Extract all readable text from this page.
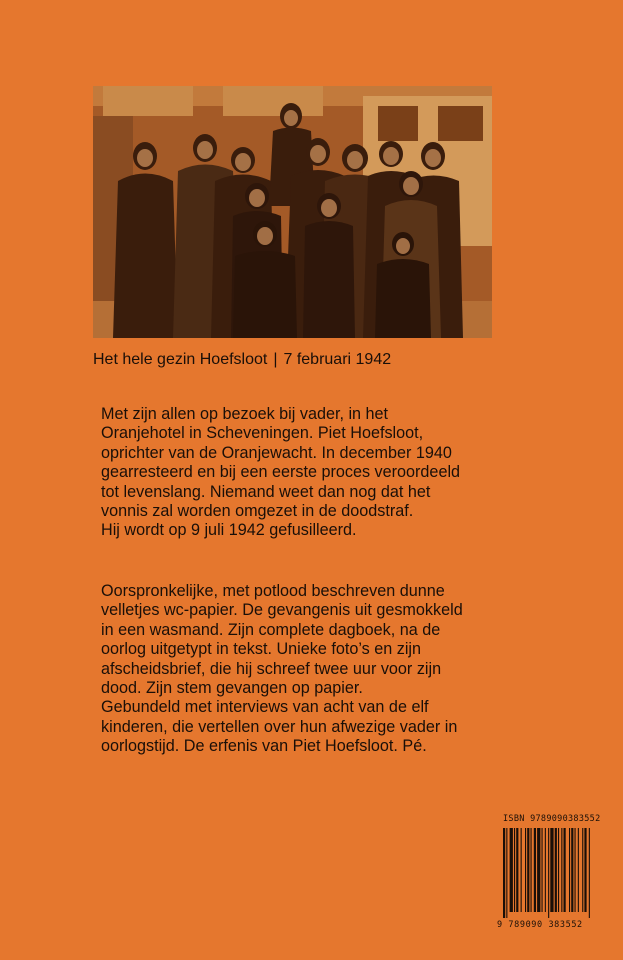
Het hele gezin Hoefsloot | 7 februari 1942
Met zijn allen op bezoek bij vader, in het
Oranjehotel in Scheveningen. Piet Hoefsloot,
oprichter van de Oranjewacht. In december 1940
gearresteerd en bij een eerste proces veroordeeld
tot levenslang. Niemand weet dan nog dat het
vonnis zal worden omgezet in de doodstraf.
Hij wordt op 9 juli 1942 gefusilleerd.
Oorspronkelijke, met potlood beschreven dunne
velletjes wc-papier. De gevangenis uit gesmokkeld
in een wasmand. Zijn complete dagboek, na de
oorlog uitgetypt in tekst. Unieke foto’s en zijn
afscheidsbrief, die hij schreef twee uur voor zijn
dood. Zijn stem gevangen op papier.
Gebundeld met interviews van acht van de elf
kinderen, die vertellen over hun afwezige vader in
oorlogstijd. De erfenis van Piet Hoefsloot. Pé.
ISBN 9789090383552
9 789090 383552
